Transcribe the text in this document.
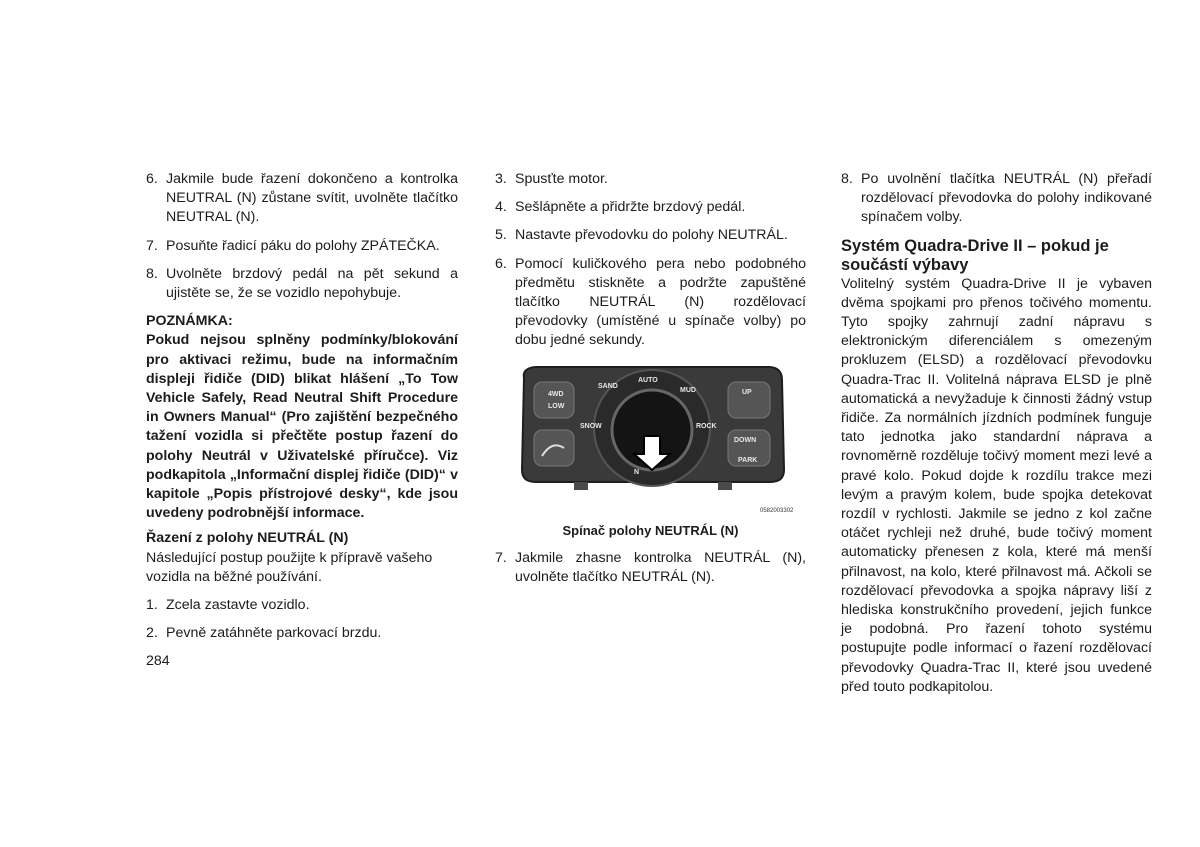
6. Jakmile bude řazení dokončeno a kontrolka NEUTRAL (N) zůstane svítit, uvolněte tlačítko NEUTRAL (N).
7. Posuňte řadicí páku do polohy ZPÁTEČKA.
8. Uvolněte brzdový pedál na pět sekund a ujistěte se, že se vozidlo nepohybuje.
POZNÁMKA:
Pokud nejsou splněny podmínky/blokování pro aktivaci režimu, bude na informačním displeji řidiče (DID) blikat hlášení „To Tow Vehicle Safely, Read Neutral Shift Procedure in Owners Manual“ (Pro zajištění bezpečného tažení vozidla si přečtěte postup řazení do polohy Neutrál v Uživatelské příručce). Viz podkapitola „Informační displej řidiče (DID)“ v kapitole „Popis přístrojové desky“, kde jsou uvedeny podrobnější informace.
Řazení z polohy NEUTRÁL (N)
Následující postup použijte k přípravě vašeho vozidla na běžné používání.
1. Zcela zastavte vozidlo.
2. Pevně zatáhněte parkovací brzdu.
284
3. Spusťte motor.
4. Sešlápněte a přidržte brzdový pedál.
5. Nastavte převodovku do polohy NEUTRÁL.
6. Pomocí kuličkového pera nebo podobného předmětu stiskněte a podržte zapuštěné tlačítko NEUTRÁL (N) rozdělovací převodovky (umístěné u spínače volby) po dobu jedné sekundy.
AUTO
SAND
MUD
SNOW	ROCK
N
4WD
LOW
UP
DOWN
PARK
0582003302
Spínač polohy NEUTRÁL (N)
7. Jakmile zhasne kontrolka NEUTRÁL (N), uvolněte tlačítko NEUTRÁL (N).
8. Po uvolnění tlačítka NEUTRÁL (N) přeřadí rozdělovací převodovka do polohy indikované spínačem volby.
Systém Quadra-Drive II – pokud je součástí výbavy
Volitelný systém Quadra-Drive II je vybaven dvěma spojkami pro přenos točivého momentu. Tyto spojky zahrnují zadní nápravu s elektronickým diferenciálem s omezeným prokluzem (ELSD) a rozdělovací převodovku Quadra-Trac II. Volitelná náprava ELSD je plně automatická a nevyžaduje k činnosti žádný vstup řidiče. Za normálních jízdních podmínek funguje tato jednotka jako standardní náprava a rovnoměrně rozděluje točivý moment mezi levé a pravé kolo. Pokud dojde k rozdílu trakce mezi levým a pravým kolem, bude spojka detekovat rozdíl v rychlosti. Jakmile se jedno z kol začne otáčet rychleji než druhé, bude točivý moment automaticky přenesen z kola, které má menší přilnavost, na kolo, které přilnavost má. Ačkoli se rozdělovací převodovka a spojka nápravy liší z hlediska konstrukčního provedení, jejich funkce je podobná. Pro řazení tohoto systému postupujte podle informací o řazení rozdělovací převodovky Quadra-Trac II, které jsou uvedené před touto podkapitolou.
